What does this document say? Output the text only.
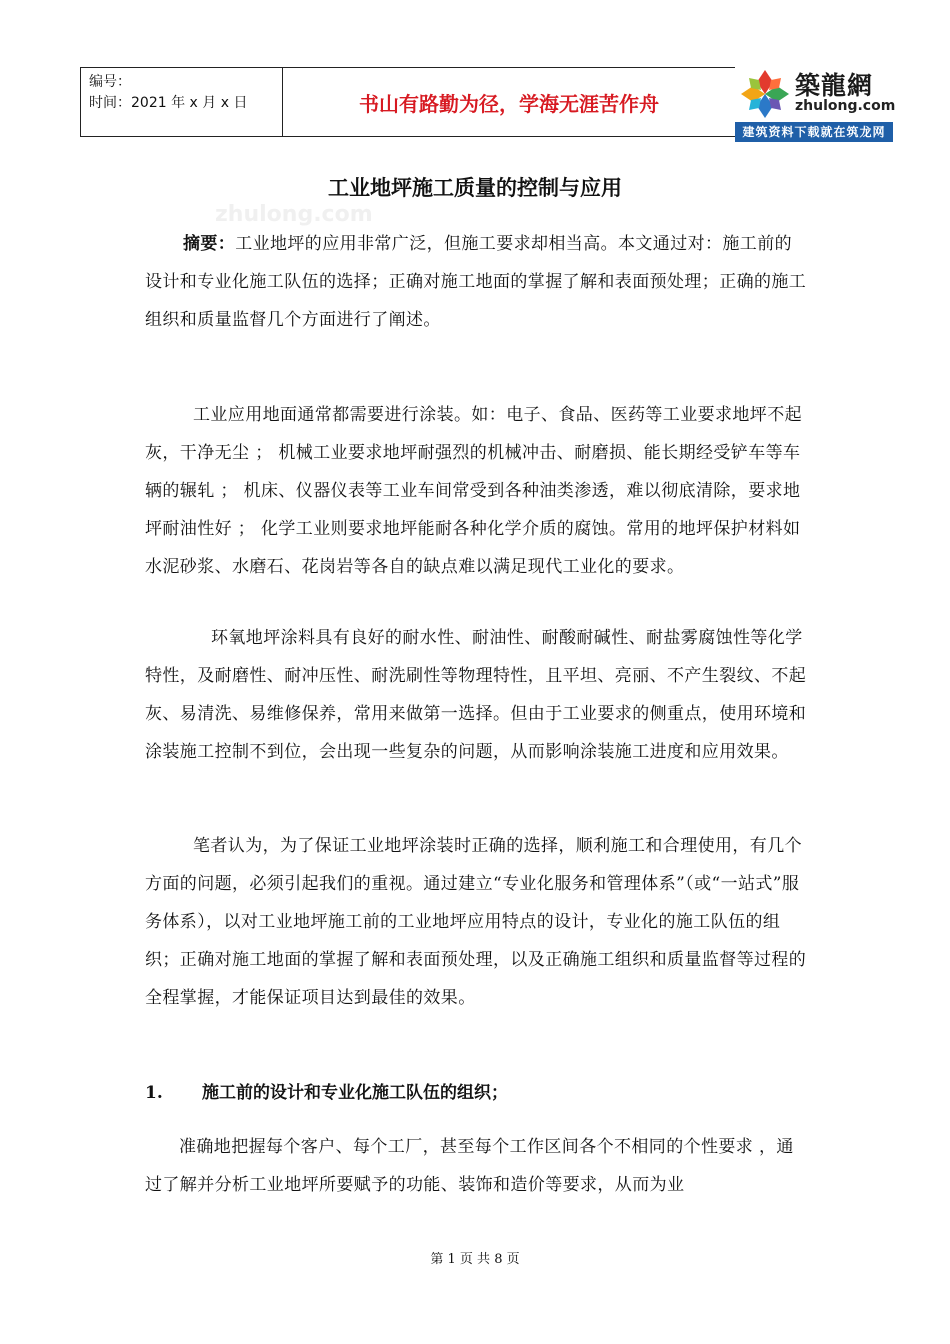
编号：
时间：2021 年 x 月 x 日	书山有路勤为径，学海无涯苦作舟
築龍網
zhulong.com
建筑资料下载就在筑龙网
工业地坪施工质量的控制与应用
zhulong.com

摘要：工业地坪的应用非常广泛，但施工要求却相当高。本文通过对：施工前的设计和专业化施工队伍的选择；正确对施工地面的掌握了解和表面预处理；正确的施工组织和质量监督几个方面进行了阐述。

工业应用地面通常都需要进行涂装。如：电子、食品、医药等工业要求地坪不起灰，干净无尘 ； 机械工业要求地坪耐强烈的机械冲击、耐磨损、能长期经受铲车等车辆的辗轧 ； 机床、仪器仪表等工业车间常受到各种油类渗透，难以彻底清除，要求地坪耐油性好 ； 化学工业则要求地坪能耐各种化学介质的腐蚀。常用的地坪保护材料如水泥砂浆、水磨石、花岗岩等各自的缺点难以满足现代工业化的要求。

环氧地坪涂料具有良好的耐水性、耐油性、耐酸耐碱性、耐盐雾腐蚀性等化学特性，及耐磨性、耐冲压性、耐洗刷性等物理特性，且平坦、亮丽、不产生裂纹、不起灰、易清洗、易维修保养，常用来做第一选择。但由于工业要求的侧重点，使用环境和涂装施工控制不到位，会出现一些复杂的问题，从而影响涂装施工进度和应用效果。

笔者认为，为了保证工业地坪涂装时正确的选择，顺利施工和合理使用，有几个方面的问题，必须引起我们的重视。通过建立“专业化服务和管理体系”（或“一站式”服务体系），以对工业地坪施工前的工业地坪应用特点的设计，专业化的施工队伍的组织；正确对施工地面的掌握了解和表面预处理，以及正确施工组织和质量监督等过程的全程掌握，才能保证项目达到最佳的效果。

1. 施工前的设计和专业化施工队伍的组织；

准确地把握每个客户、每个工厂，甚至每个工作区间各个不相同的个性要求 ，通过了解并分析工业地坪所要赋予的功能、装饰和造价等要求，从而为业

第 1 页 共 8 页
